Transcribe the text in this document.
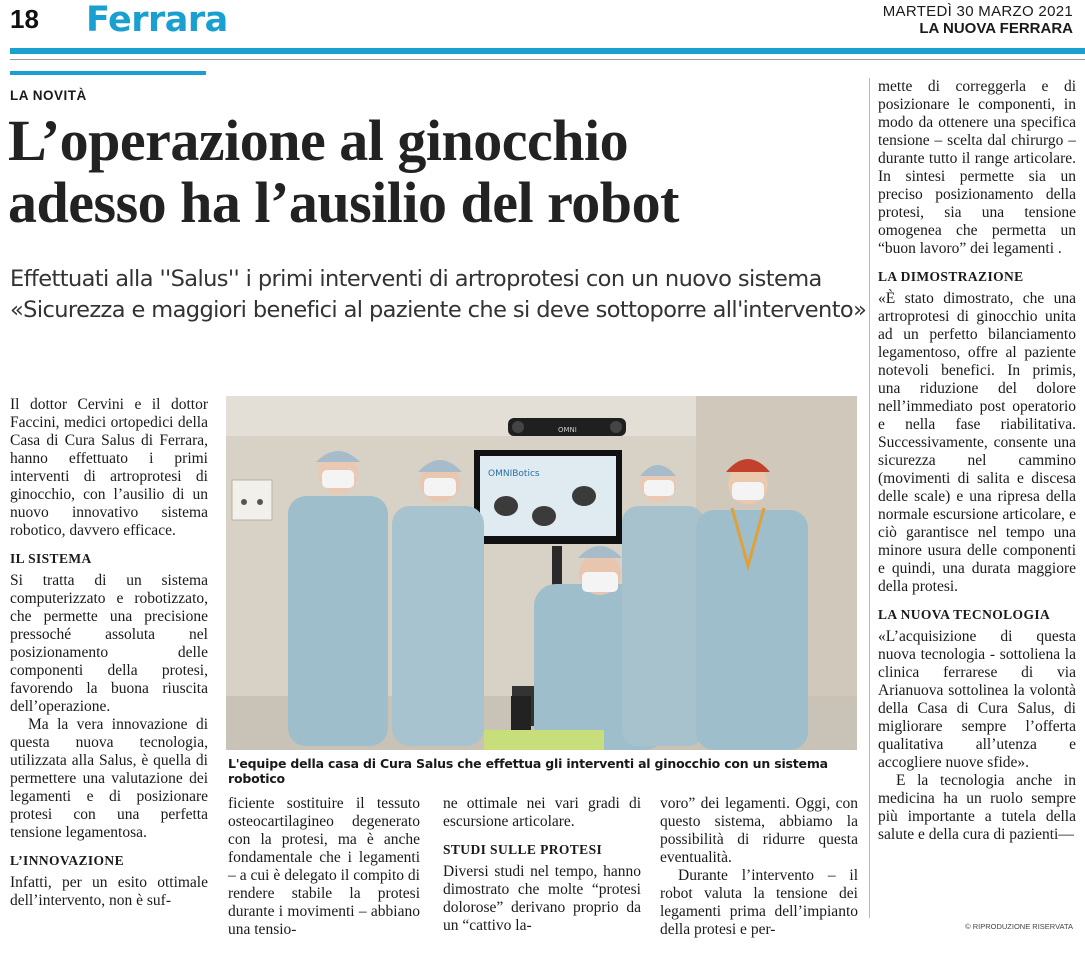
18 Ferrara	MARTEDÌ 30 MARZO 2021
LA NUOVA FERRARA
LA NOVITÀ
L’operazione al ginocchio
adesso ha l’ausilio del robot
Effettuati alla ''Salus'' i primi interventi di artroprotesi con un nuovo sistema
«Sicurezza e maggiori benefici al paziente che si deve sottoporre all'intervento»

Il dottor Cervini e il dottor Faccini, medici ortopedici della Casa di Cura Salus di Ferrara, hanno effettuato i primi interventi di artroprotesi di ginocchio, con l’ausilio di un nuovo innovativo sistema robotico, davvero efficace.

IL SISTEMA

Si tratta di un sistema computerizzato e robotizzato, che permette una precisione pressoché assoluta nel posizionamento delle componenti della protesi, favorendo la buona riuscita dell’operazione.

Ma la vera innovazione di questa nuova tecnologia, utilizzata alla Salus, è quella di permettere una valutazione dei legamenti e di posizionare protesi con una perfetta tensione legamentosa.

L’INNOVAZIONE

Infatti, per un esito ottimale dell’intervento, non è suf-

OMNIBotics
OMNI
L'equipe della casa di Cura Salus che effettua gli interventi al ginocchio con un sistema robotico

ficiente sostituire il tessuto osteocartilagineo degenerato con la protesi, ma è anche fondamentale che i legamenti – a cui è delegato il compito di rendere stabile la protesi durante i movimenti – abbiano una tensio-

ne ottimale nei vari gradi di escursione articolare.

STUDI SULLE PROTESI

Diversi studi nel tempo, hanno dimostrato che molte “protesi dolorose” derivano proprio da un “cattivo la-

voro” dei legamenti. Oggi, con questo sistema, abbiamo la possibilità di ridurre questa eventualità.

Durante l’intervento – il robot valuta la tensione dei legamenti prima dell’impianto della protesi e per-

mette di correggerla e di posizionare le componenti, in modo da ottenere una specifica tensione – scelta dal chirurgo – durante tutto il range articolare. In sintesi permette sia un preciso posizionamento della protesi, sia una tensione omogenea che permetta un “buon lavoro” dei legamenti .

LA DIMOSTRAZIONE

«È stato dimostrato, che una artroprotesi di ginocchio unita ad un perfetto bilanciamento legamentoso, offre al paziente notevoli benefici. In primis, una riduzione del dolore nell’immediato post operatorio e nella fase riabilitativa. Successivamente, consente una sicurezza nel cammino (movimenti di salita e discesa delle scale) e una ripresa della normale escursione articolare, e ciò garantisce nel tempo una minore usura delle componenti e quindi, una durata maggiore della protesi.

LA NUOVA TECNOLOGIA

«L’acquisizione di questa nuova tecnologia - sottoliena la clinica ferrarese di via Arianuova sottolinea la volontà della Casa di Cura Salus, di migliorare sempre l’offerta qualitativa all’utenza e accogliere nuove sfide».

E la tecnologia anche in medicina ha un ruolo sempre più importante a tutela della salute e della cura di pazienti—

© RIPRODUZIONE RISERVATA
